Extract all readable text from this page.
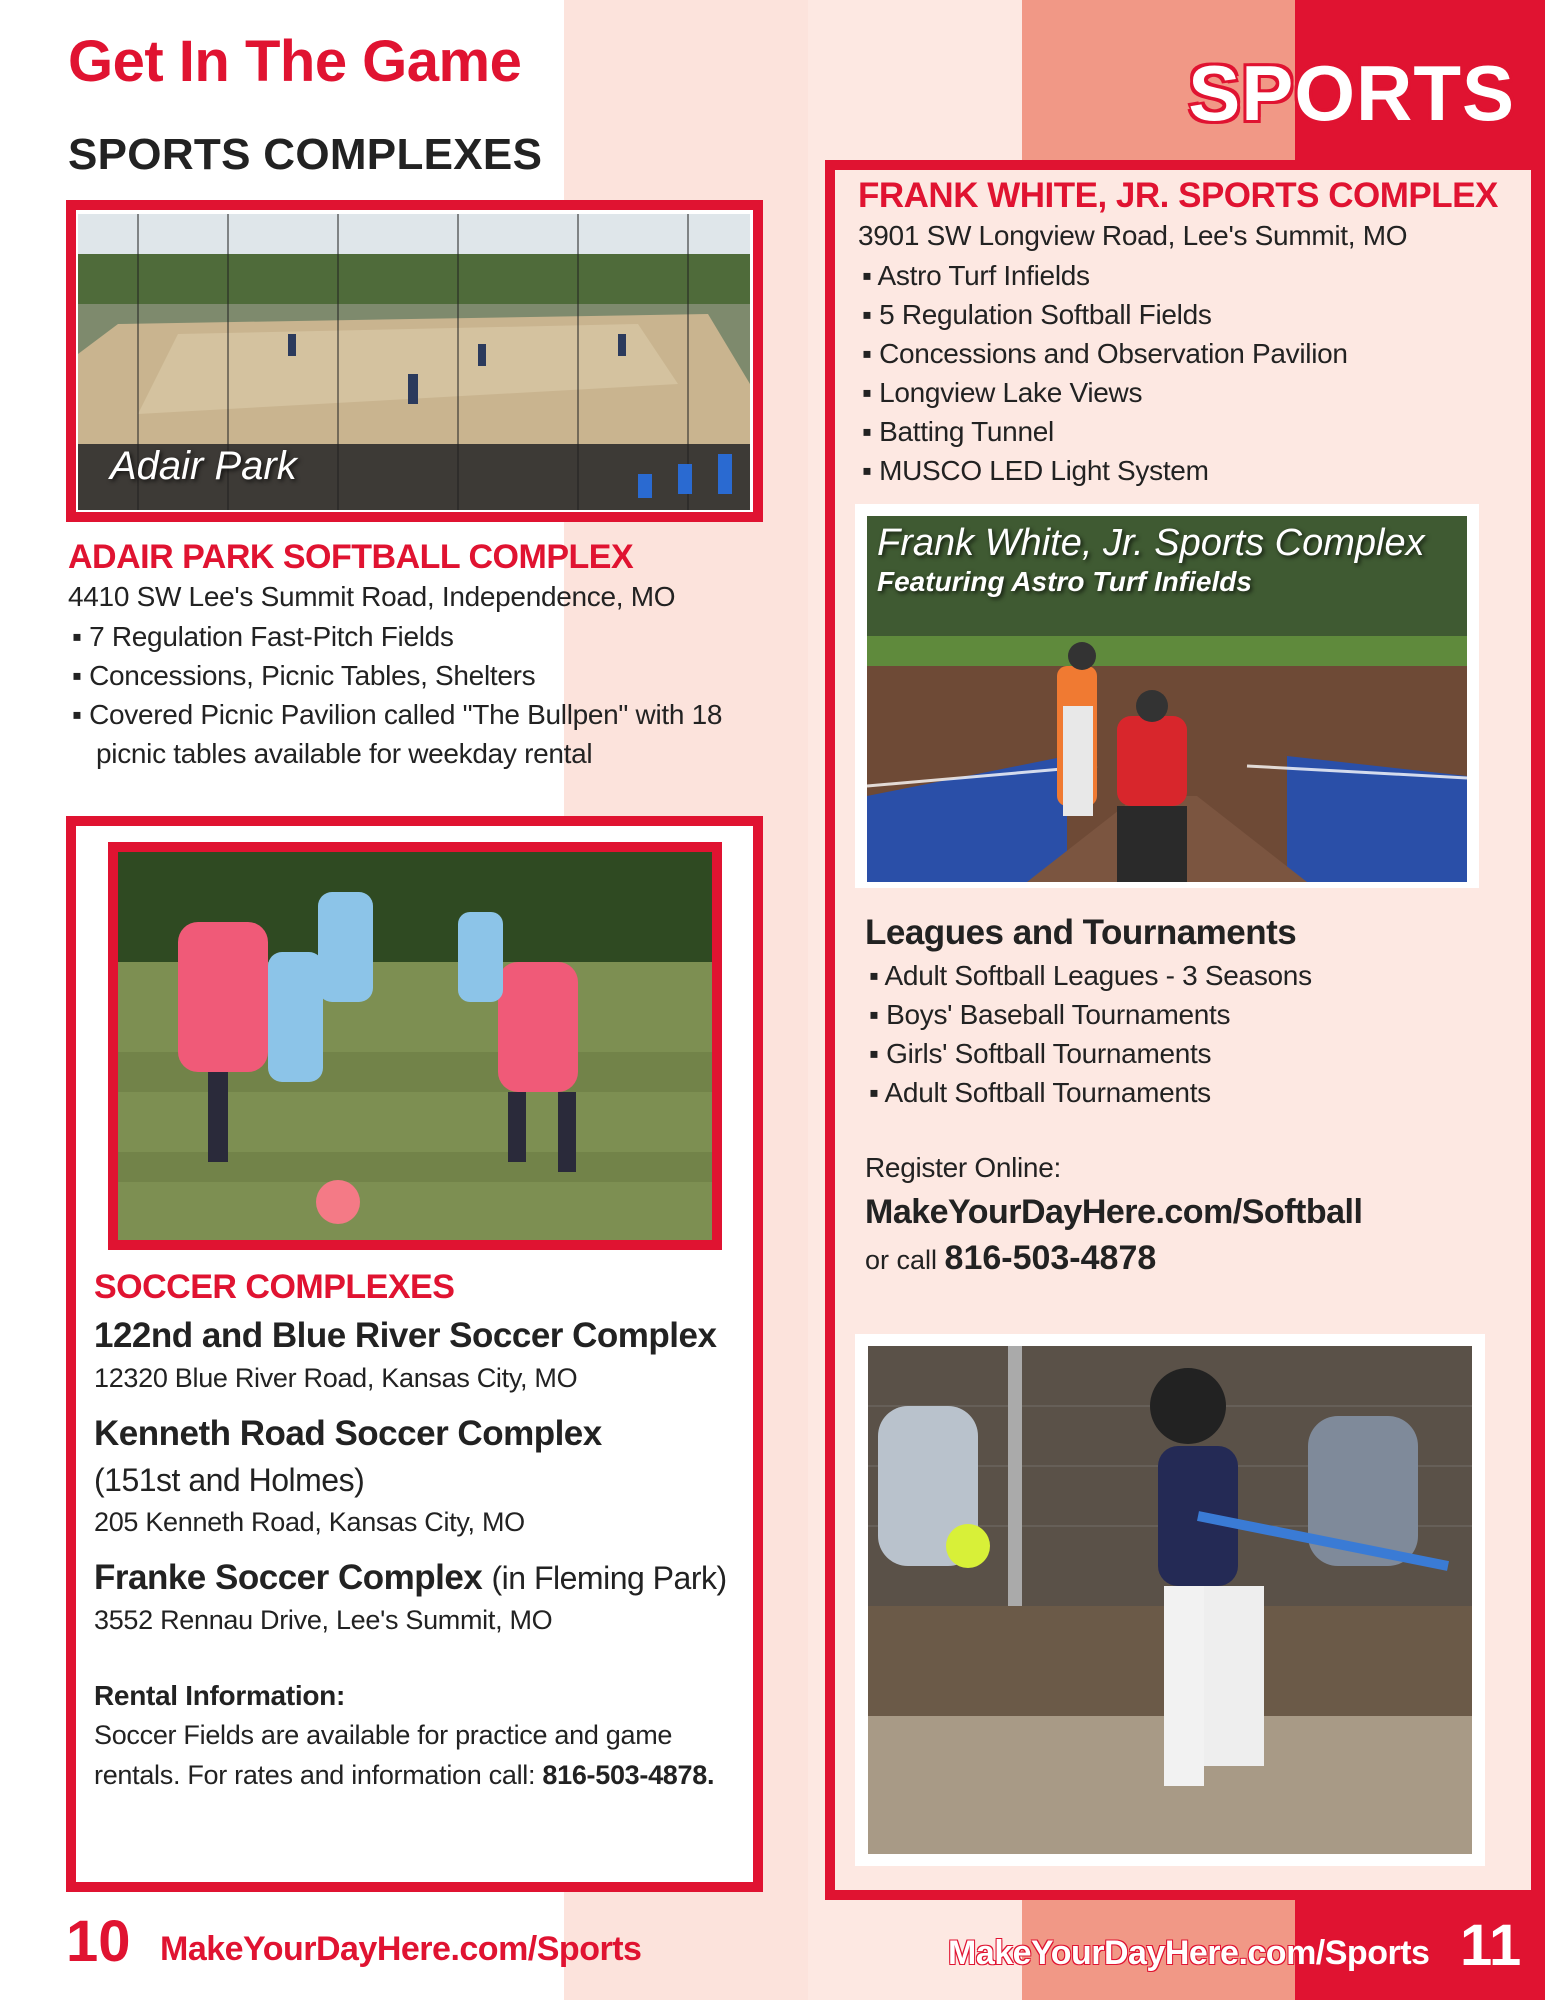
Get In The Game
SPORTS COMPLEXES
Adair Park
ADAIR PARK SOFTBALL COMPLEX
4410 SW Lee's Summit Road, Independence, MO
▪ 7 Regulation Fast-Pitch Fields
▪ Concessions, Picnic Tables, Shelters
▪ Covered Picnic Pavilion called "The Bullpen" with 18 picnic tables available for weekday rental
SOCCER COMPLEXES
122nd and Blue River Soccer Complex
12320 Blue River Road, Kansas City, MO
Kenneth Road Soccer Complex
(151st and Holmes)
205 Kenneth Road, Kansas City, MO
Franke Soccer Complex (in Fleming Park)
3552 Rennau Drive, Lee's Summit, MO
Rental Information:
Soccer Fields are available for practice and game rentals. For rates and information call: 816-503-4878.
10 MakeYourDayHere.com/Sports
SPORTS
FRANK WHITE, JR. SPORTS COMPLEX
3901 SW Longview Road, Lee's Summit, MO
▪ Astro Turf Infields
▪ 5 Regulation Softball Fields
▪ Concessions and Observation Pavilion
▪ Longview Lake Views
▪ Batting Tunnel
▪ MUSCO LED Light System
Frank White, Jr. Sports Complex
Featuring Astro Turf Infields
Leagues and Tournaments
▪ Adult Softball Leagues - 3 Seasons
▪ Boys' Baseball Tournaments
▪ Girls' Softball Tournaments
▪ Adult Softball Tournaments
Register Online:
MakeYourDayHere.com/Softball
or call 816-503-4878
MakeYourDayHere.com/Sports 11
